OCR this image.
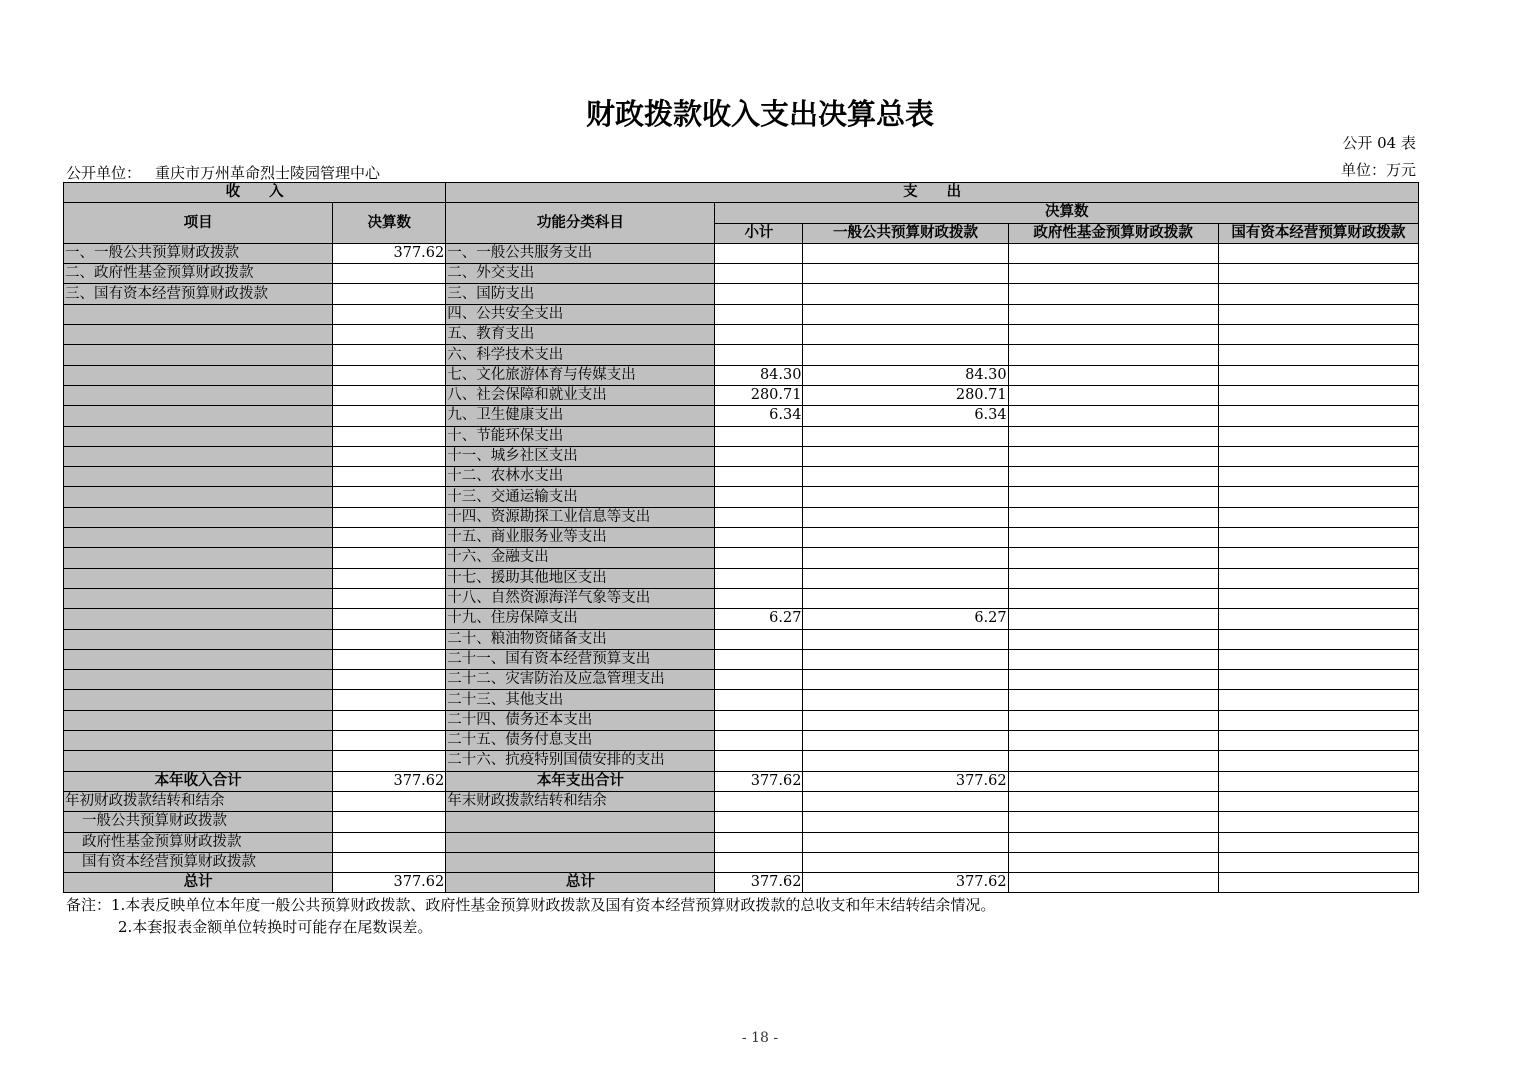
财政拨款收入支出决算总表
公开 04 表
公开单位： 重庆市万州革命烈士陵园管理中心	单位：万元
收　　入		支　　出				
项目	决算数	功能分类科目	决算数			
			小计	一般公共预算财政拨款	政府性基金预算财政拨款	国有资本经营预算财政拨款
一、一般公共预算财政拨款	377.62	一、一般公共服务支出				
二、政府性基金预算财政拨款		二、外交支出				
三、国有资本经营预算财政拨款		三、国防支出				
		四、公共安全支出				
		五、教育支出				
		六、科学技术支出				
		七、文化旅游体育与传媒支出	84.30	84.30		
		八、社会保障和就业支出	280.71	280.71		
		九、卫生健康支出	6.34	6.34		
		十、节能环保支出				
		十一、城乡社区支出				
		十二、农林水支出				
		十三、交通运输支出				
		十四、资源勘探工业信息等支出				
		十五、商业服务业等支出				
		十六、金融支出				
		十七、援助其他地区支出				
		十八、自然资源海洋气象等支出				
		十九、住房保障支出	6.27	6.27		
		二十、粮油物资储备支出				
		二十一、国有资本经营预算支出				
		二十二、灾害防治及应急管理支出				
		二十三、其他支出				
		二十四、债务还本支出				
		二十五、债务付息支出				
		二十六、抗疫特别国债安排的支出				
本年收入合计	377.62	本年支出合计	377.62	377.62		
年初财政拨款结转和结余		年末财政拨款结转和结余				
一般公共预算财政拨款						
政府性基金预算财政拨款						
国有资本经营预算财政拨款						
总计	377.62	总计	377.62	377.62		
备注：1.本表反映单位本年度一般公共预算财政拨款、政府性基金预算财政拨款及国有资本经营预算财政拨款的总收支和年末结转结余情况。
2.本套报表金额单位转换时可能存在尾数误差。
- 18 -
